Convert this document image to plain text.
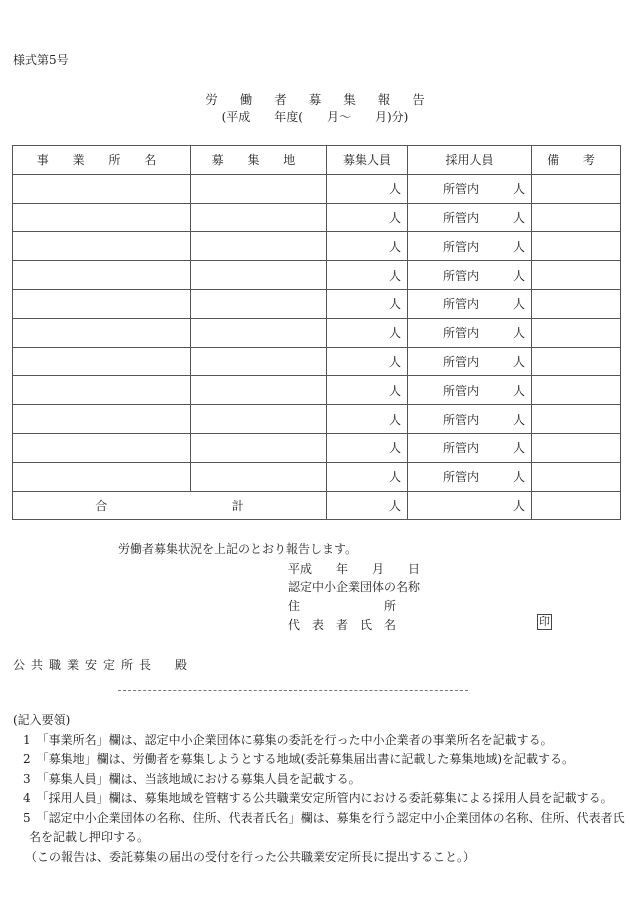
様式第5号
労働者募集報告
(平成　　年度(　　月～　　月)分)
事 業 所 名	募 集 地	募集人員	採用人員	備 考
		人	所管内 人	

		人	所管内 人	

		人	所管内 人	

		人	所管内 人	

		人	所管内 人	

		人	所管内 人	

		人	所管内 人	

		人	所管内 人	

		人	所管内 人	

		人	所管内 人	

		人	所管内 人	

合 計		人	人	
労働者募集状況を上記のとおり報告します。
平成　　年　　月　　日
認定中小企業団体の名称
住　　　　　　　所
代　表　者　氏　名	印
公共職業安定所長　殿
(記入要領)
1　「事業所名」欄は、認定中小企業団体に募集の委託を行った中小企業者の事業所名を記載する。
2　「募集地」欄は、労働者を募集しようとする地域(委託募集届出書に記載した募集地域)を記載する。
3　「募集人員」欄は、当該地域における募集人員を記載する。
4　「採用人員」欄は、募集地域を管轄する公共職業安定所管内における委託募集による採用人員を記載する。
5　「認定中小企業団体の名称、住所、代表者氏名」欄は、募集を行う認定中小企業団体の名称、住所、代表者氏
名を記載し押印する。
（この報告は、委託募集の届出の受付を行った公共職業安定所長に提出すること。）
